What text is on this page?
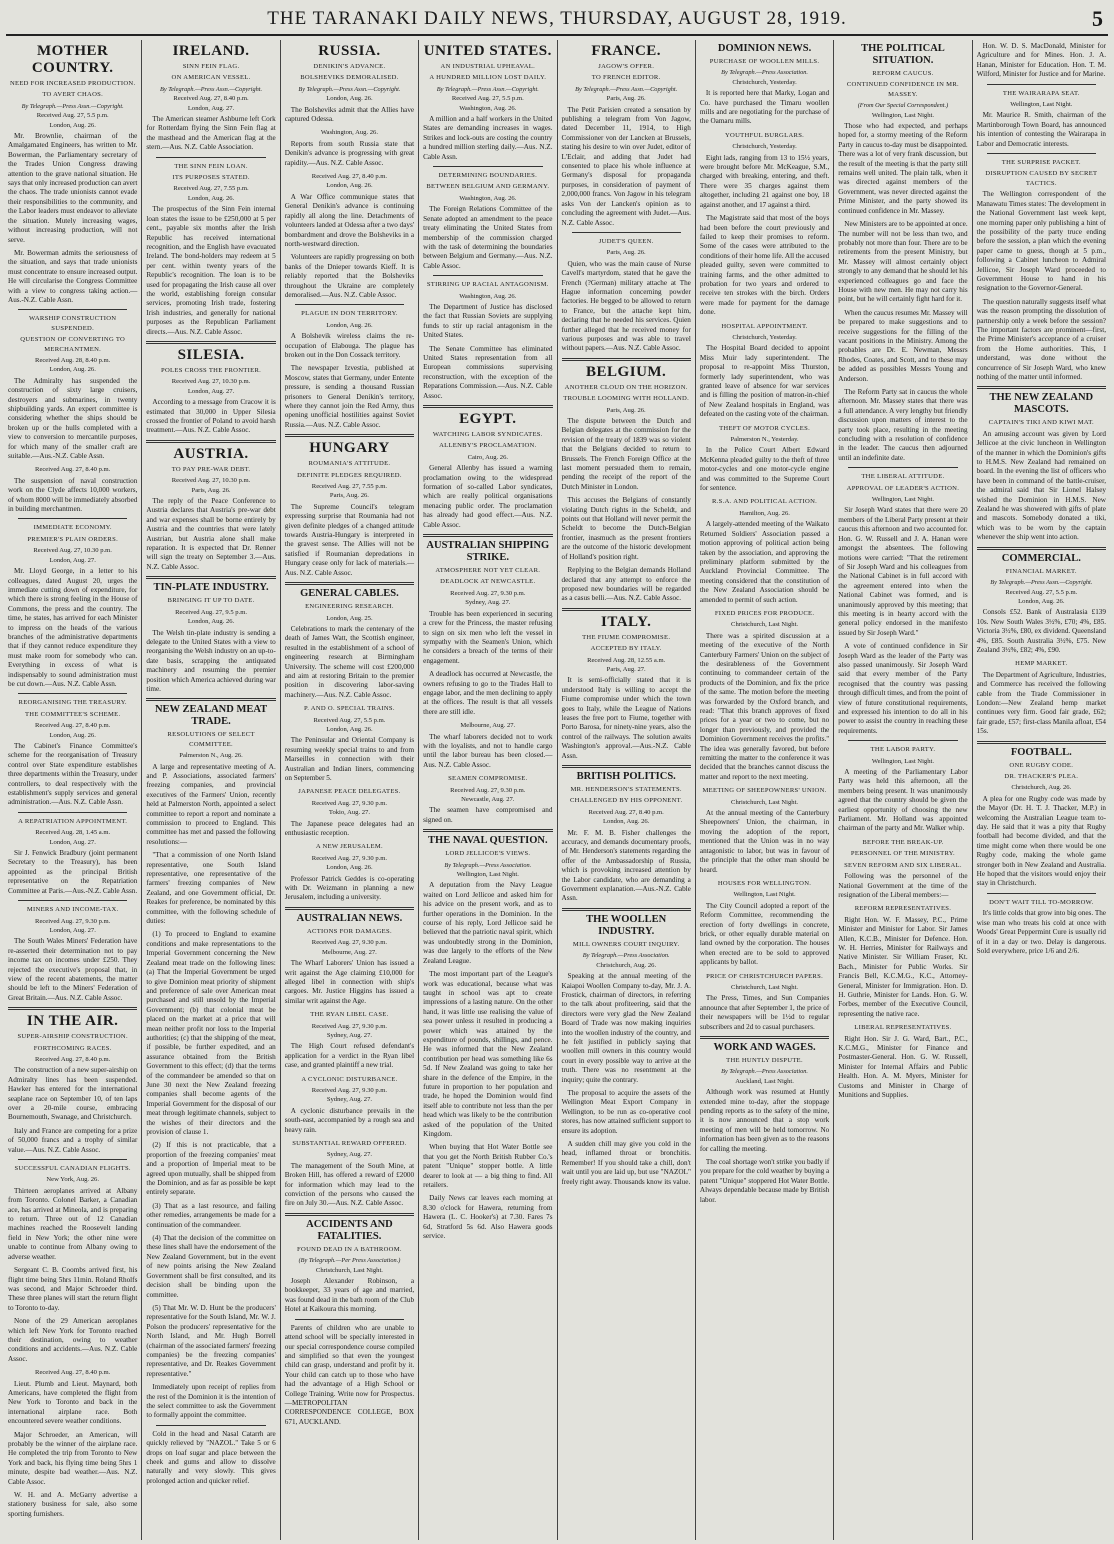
THE TARANAKI DAILY NEWS, THURSDAY, AUGUST 28, 1919.	5
MOTHER COUNTRY.
NEED FOR INCREASED PRODUCTION.
TO AVERT CHAOS.
By Telegraph.—Press Assn.—Copyright.
Received Aug. 27, 5.5 p.m.
London, Aug. 26.
Mr. Brownlie, chairman of the Amalgamated Engineers, has written to Mr. Bowerman, the Parliamentary secretary of the Trades Union Congress drawing attention to the grave national situation. He says that only increased production can avert the chaos. The trade unionists cannot evade their responsibilities to the community, and the Labor leaders must endeavor to alleviate the situation. Mutely increasing wages, without increasing production, will not serve.
Mr. Bowerman admits the seriousness of the situation, and says that trade unionists must concentrate to ensure increased output. He will circularise the Congress Committee with a view to congress taking action.—Aus.-N.Z. Cable Assn.
WARSHIP CONSTRUCTION SUSPENDED.
QUESTION OF CONVERTING TO MERCHANTMEN.
Received Aug. 28, 8.40 p.m.
London, Aug. 26.
The Admiralty has suspended the construction of sixty large cruisers, destroyers and submarines, in twenty shipbuilding yards. An expert committee is considering whether the ships should be broken up or the hulls completed with a view to conversion to mercantile purposes, for which many of the smaller craft are suitable.—Aus.-N.Z. Cable Assn.
Received Aug. 27, 8.40 p.m.
The suspension of naval construction work on the Clyde affects 10,000 workers, of whom 8000 will be immediately absorbed in building merchantmen.
IMMEDIATE ECONOMY.
PREMIER'S PLAIN ORDERS.
Received Aug. 27, 10.30 p.m.
London, Aug. 27.
Mr. Lloyd George, in a letter to his colleagues, dated August 20, urges the immediate cutting down of expenditure, for which there is strong feeling in the House of Commons, the press and the country. The time, he states, has arrived for each Minister to impress on the heads of the various branches of the administrative departments that if they cannot reduce expenditure they must make room for somebody who can. Everything in excess of what is indispensably to sound administration must be cut down.—Aus. N.Z. Cable Assn.
REORGANISING THE TREASURY.
THE COMMITTEE'S SCHEME.
Received Aug. 27, 8.40 p.m.
London, Aug. 26.
The Cabinet's Finance Committee's scheme for the reorganisation of Treasury control over State expenditure establishes three departments within the Treasury, under controllers, to deal respectively with the establishment's supply services and general administration.—Aus. N.Z. Cable Assn.
A REPATRIATION APPOINTMENT.
Received Aug. 28, 1.45 a.m.
London, Aug. 27.
Sir J. Fenwick Bradbury (joint permanent Secretary to the Treasury), has been appointed as the principal British representative on the Repatriation Committee at Paris.—Aus.-N.Z. Cable Assn.
MINERS AND INCOME-TAX.
Received Aug. 27, 9.30 p.m.
London, Aug. 27.
The South Wales Miners' Federation have re-asserted their determination not to pay income tax on incomes under £250. They rejected the executive's proposal that, in view of the recent abatements, the matter should be left to the Miners' Federation of Great Britain.—Aus. N.Z. Cable Assoc.
IN THE AIR.
SUPER-AIRSHIP CONSTRUCTION.
FORTHCOMING RACES.
Received Aug. 27, 8.40 p.m.
The construction of a new super-airship on Admiralty lines has been suspended. Hawker has entered for the international seaplane race on September 10, of ten laps over a 20-mile course, embracing Bournemouth, Swanage, and Christchurch.
Italy and France are competing for a prize of 50,000 francs and a trophy of similar value.—Aus. N.Z. Cable Assoc.
SUCCESSFUL CANADIAN FLIGHTS.
New York, Aug. 26.
Thirteen aeroplanes arrived at Albany from Toronto. Colonel Barker, a Canadian ace, has arrived at Mineola, and is preparing to return. Three out of 12 Canadian machines reached the Roosevelt landing field in New York; the other nine were unable to continue from Albany owing to adverse weather.
Sergeant C. B. Coombs arrived first, his flight time being 5hrs 11min. Roland Rholfs was second, and Major Schroeder third. These three planes will start the return flight to Toronto to-day.
None of the 29 American aeroplanes which left New York for Toronto reached their destination, owing to weather conditions and accidents.—Aus. N.Z. Cable Assoc.
Received Aug. 27, 8.40 p.m.
Lieut. Plumb and Lieut. Maynard, both Americans, have completed the flight from New York to Toronto and back in the international airplane race. Both encountered severe weather conditions.
Major Schroeder, an American, will probably be the winner of the airplane race. He completed the trip from Toronto to New York and back, his flying time being 5hrs 1 minute, despite bad weather.—Aus. N.Z. Cable Assoc.
W. H. and A. McGarry advertise a stationery business for sale, also some sporting furnishers.
IRELAND.
SINN FEIN FLAG.
ON AMERICAN VESSEL.
By Telegraph.—Press Assn.—Copyright.
Received Aug. 27, 8.40 p.m.
London, Aug. 27.
The American steamer Ashburne left Cork for Rotterdam flying the Sinn Fein flag at the masthead and the American flag at the stern.—Aus. N.Z. Cable Association.
THE SINN FEIN LOAN.
ITS PURPOSES STATED.
Received Aug. 27, 7.55 p.m.
London, Aug. 26.
The prospectus of the Sinn Fein internal loan states the issue to be £250,000 at 5 per cent., payable six months after the Irish Republic has received international recognition, and the English have evacuated Ireland. The bond-holders may redeem at 5 per cent. within twenty years of the Republic's recognition. The loan is to be used for propagating the Irish cause all over the world, establishing foreign consular services, promoting Irish trade, fostering Irish industries, and generally for national purposes as the Republican Parliament directs.—Aus. N.Z. Cable Assoc.
SILESIA.
POLES CROSS THE FRONTIER.
Received Aug. 27, 10.30 p.m.
London, Aug. 27.
According to a message from Cracow it is estimated that 30,000 in Upper Silesia crossed the frontier of Poland to avoid harsh treatment.—Aus. N.Z. Cable Assoc.
AUSTRIA.
TO PAY PRE-WAR DEBT.
Received Aug. 27, 10.30 p.m.
Paris, Aug. 26.
The reply of the Peace Conference to Austria declares that Austria's pre-war debt and war expenses shall be borne entirely by Austria and the countries that were lately Austrian, but Austria alone shall make reparation. It is expected that Dr. Renner will sign the treaty on September 3.—Aus. N.Z. Cable Assoc.
TIN-PLATE INDUSTRY.
BRINGING IT UP TO DATE.
Received Aug. 27, 9.5 p.m.
London, Aug. 26.
The Welsh tin-plate industry is sending a delegate to the United States with a view to reorganising the Welsh industry on an up-to-date basis, scrapping the antiquated machinery and resuming the premier position which America achieved during war time.
NEW ZEALAND MEAT TRADE.
RESOLUTIONS OF SELECT COMMITTEE.
Palmerston N., Aug. 26.
A large and representative meeting of A. and P. Associations, associated farmers' freezing companies, and provincial executives of the Farmers' Union, recently held at Palmerston North, appointed a select committee to report a report and nominate a commission to proceed to England. This committee has met and passed the following resolutions:—
"That a commission of one North Island representative, one South Island representative, one representative of the farmers' freezing companies of New Zealand, and one Government official, Dr. Reakes for preference, be nominated by this committee, with the following schedule of duties:
(1) To proceed to England to examine conditions and make representations to the Imperial Government concerning the New Zealand meat trade on the following lines: (a) That the Imperial Government be urged to give Dominion meat priority of shipment and preference of sale over American meat purchased and still unsold by the Imperial Government; (b) that colonial meat be placed on the market at a price that will mean neither profit nor loss to the Imperial authorities; (c) that the shipping of the meat, if possible, be further expedited, and an assurance obtained from the British Government to this effect; (d) that the terms of the commandeer be amended so that on June 30 next the New Zealand freezing companies shall become agents of the Imperial Government for the disposal of our meat through legitimate channels, subject to the wishes of their directors and the provision of clause 1.
(2) If this is not practicable, that a proportion of the freezing companies' meat and a proportion of Imperial meat to be agreed upon mutually, shall be shipped from the Dominion, and as far as possible be kept entirely separate.
(3) That as a last resource, and failing other remedies, arrangements be made for a continuation of the commandeer.
(4) That the decision of the committee on these lines shall have the endorsement of the New Zealand Government, but in the event of new points arising the New Zealand Government shall be first consulted, and its decision shall be binding upon the committee.
(5) That Mr. W. D. Hunt be the producers' representative for the South Island, Mr. W. J. Polson the producers' representative for the North Island, and Mr. Hugh Borrell (chairman of the associated farmers' freezing companies) be the freezing companies' representative, and Dr. Reakes Government representative."
Immediately upon receipt of replies from the rest of the Dominion it is the intention of the select committee to ask the Government to formally appoint the committee.
Cold in the head and Nasal Catarrh are quickly relieved by "NAZOL." Take 5 or 6 drops on loaf sugar and place between the cheek and gums and allow to dissolve naturally and very slowly. This gives prolonged action and quicker relief.
RUSSIA.
DENIKIN'S ADVANCE.
BOLSHEVIKS DEMORALISED.
By Telegraph.—Press Assn.—Copyright.
London, Aug. 26.
The Bolsheviks admit that the Allies have captured Odessa.
Washington, Aug. 26.
Reports from south Russia state that Denikin's advance is progressing with great rapidity.—Aus. N.Z. Cable Assoc.
Received Aug. 27, 8.40 p.m.
London, Aug. 26.
A War Office communique states that General Denikin's advance is continuing rapidly all along the line. Detachments of volunteers landed at Odessa after a two days' bombardment and drove the Bolsheviks in a north-westward direction.
Volunteers are rapidly progressing on both banks of the Dnieper towards Kieff. It is reliably reported that the Bolsheviks throughout the Ukraine are completely demoralised.—Aus. N.Z. Cable Assoc.
PLAGUE IN DON TERRITORY.
London, Aug. 26.
A Bolshevik wireless claims the re-occupation of Elabouga. The plague has broken out in the Don Cossack territory.
The newspaper Izvestia, published at Moscow, states that Germany, under Entente pressure, is sending a thousand Russian prisoners to General Denikin's territory, where they cannot join the Red Army, thus opening unofficial hostilities against Soviet Russia.—Aus. N.Z. Cable Assoc.
HUNGARY
ROUMANIA'S ATTITUDE.
DEFINITE PLEDGES REQUIRED.
Received Aug. 27, 7.55 p.m.
Paris, Aug. 26.
The Supreme Council's telegram expressing surprise that Roumania had not given definite pledges of a changed attitude towards Austria-Hungary is interpreted in the gravest sense. The Allies will not be satisfied if Roumanian depredations in Hungary cease only for lack of materials.—Aus. N.Z. Cable Assoc.
GENERAL CABLES.
ENGINEERING RESEARCH.
London, Aug. 25.
Celebrations to mark the centenary of the death of James Watt, the Scottish engineer, resulted in the establishment of a school of engineering research at Birmingham University. The scheme will cost £200,000 and aim at restoring Britain to the premier position in discovering labor-saving machinery.—Aus. N.Z. Cable Assoc.
P. AND O. SPECIAL TRAINS.
Received Aug. 27, 5.5 p.m.
London, Aug. 26.
The Peninsular and Oriental Company is resuming weekly special trains to and from Marseilles in connection with their Australian and Indian liners, commencing on September 5.
JAPANESE PEACE DELEGATES.
Received Aug. 27, 9.30 p.m.
Tokio, Aug. 27.
The Japanese peace delegates had an enthusiastic reception.
A NEW JERUSALEM.
Received Aug. 27, 9.30 p.m.
London, Aug. 26.
Professor Patrick Geddes is co-operating with Dr. Weizmann in planning a new Jerusalem, including a university.
AUSTRALIAN NEWS.
ACTIONS FOR DAMAGES.
Received Aug. 27, 9.30 p.m.
Melbourne, Aug. 27.
The Wharf Laborers' Union has issued a writ against the Age claiming £10,000 for alleged libel in connection with ship's cargoes. Mr. Justice Higgins has issued a similar writ against the Age.
THE RYAN LIBEL CASE.
Received Aug. 27, 9.30 p.m.
Sydney, Aug. 27.
The High Court refused defendant's application for a verdict in the Ryan libel case, and granted plaintiff a new trial.
A CYCLONIC DISTURBANCE.
Received Aug. 27, 9.30 p.m.
Sydney, Aug. 27.
A cyclonic disturbance prevails in the south-east, accompanied by a rough sea and heavy rain.
SUBSTANTIAL REWARD OFFERED.
Sydney, Aug. 27.
The management of the South Mine, at Broken Hill, has offered a reward of £2000 for information which may lead to the conviction of the persons who caused the fire on July 30.—Aus. N.Z. Cable Assoc.
ACCIDENTS AND FATALITIES.
FOUND DEAD IN A BATHROOM.
(By Telegraph.—Per Press Association.)
Christchurch, Last Night.
Joseph Alexander Robinson, a bookkeeper, 33 years of age and married, was found dead in the bath room of the Club Hotel at Kaikoura this morning.
Parents of children who are unable to attend school will be specially interested in our special correspondence course compiled and simplified so that even the youngest child can grasp, understand and profit by it. Your child can catch up to those who have had the advantage of a High School or College Training. Write now for Prospectus.—METROPOLITAN CORRESPONDENCE COLLEGE, BOX 671, AUCKLAND.
UNITED STATES.
AN INDUSTRIAL UPHEAVAL.
A HUNDRED MILLION LOST DAILY.
By Telegraph.—Press Assn.—Copyright.
Received Aug. 27, 5.5 p.m.
Washington, Aug. 26.
A million and a half workers in the United States are demanding increases in wages. Strikes and lock-outs are costing the country a hundred million sterling daily.—Aus. N.Z. Cable Assn.
DETERMINING BOUNDARIES.
BETWEEN BELGIUM AND GERMANY.
Washington, Aug. 26.
The Foreign Relations Committee of the Senate adopted an amendment to the peace treaty eliminating the United States from membership of the commission charged with the task of determining the boundaries between Belgium and Germany.—Aus. N.Z. Cable Assoc.
STIRRING UP RACIAL ANTAGONISM.
Washington, Aug. 26.
The Department of Justice has disclosed the fact that Russian Soviets are supplying funds to stir up racial antagonism in the United States.
The Senate Committee has eliminated United States representation from all European commissions supervising reconstruction, with the exception of the Reparations Commission.—Aus. N.Z. Cable Assoc.
EGYPT.
WATCHING LABOR SYNDICATES.
ALLENBY'S PROCLAMATION.
Cairo, Aug. 26.
General Allenby has issued a warning proclamation owing to the widespread formation of so-called Labor syndicates, which are really political organisations menacing public order. The proclamation has already had good effect.—Aus. N.Z. Cable Assoc.
AUSTRALIAN SHIPPING STRIKE.
ATMOSPHERE NOT YET CLEAR.
DEADLOCK AT NEWCASTLE.
Received Aug. 27, 9.30 p.m.
Sydney, Aug. 27.
Trouble has been experienced in securing a crew for the Princess, the master refusing to sign on six men who left the vessel in sympathy with the Seamen's Union, which he considers a breach of the terms of their engagement.
A deadlock has occurred at Newcastle, the owners refusing to go to the Trades Hall to engage labor, and the men declining to apply at the offices. The result is that all vessels there are still idle.
Melbourne, Aug. 27.
The wharf laborers decided not to work with the loyalists, and not to handle cargo until the labor bureau has been closed.—Aus. N.Z. Cable Assoc.
SEAMEN COMPROMISE.
Received Aug. 27, 9.30 p.m.
Newcastle, Aug. 27.
The seamen have compromised and signed on.
THE NAVAL QUESTION.
LORD JELLICOE'S VIEWS.
By Telegraph.—Press Association.
Wellington, Last Night.
A deputation from the Navy League waited on Lord Jellicoe and asked him for his advice on the present work, and as to further operations in the Dominion. In the course of his reply, Lord Jellicoe said he believed that the patriotic naval spirit, which was undoubtedly strong in the Dominion, was due largely to the efforts of the New Zealand League.
The most important part of the League's work was educational, because what was taught in school was apt to create impressions of a lasting nature. On the other hand, it was little use realising the value of sea power unless it resulted in producing a power which was attained by the expenditure of pounds, shillings, and pence. He was informed that the New Zealand contribution per head was something like 6s 5d. If New Zealand was going to take her share in the defence of the Empire, in the future in proportion to her population and trade, he hoped the Dominion would find itself able to contribute not less than the per head which was likely to be the contribution asked of the population of the United Kingdom.
When buying that Hot Water Bottle see that you get the North British Rubber Co.'s patent "Unique" stopper bottle. A little dearer to look at — a big thing to find. All retailers.
Daily News car leaves each morning at 8.30 o'clock for Hawera, returning from Hawera (L. C. Hooker's) at 7.30. Fares 7s 6d, Stratford 5s 6d. Also Hawera goods service.
FRANCE.
JAGOW'S OFFER.
TO FRENCH EDITOR.
By Telegraph.—Press Assn.—Copyright.
Paris, Aug. 26.
The Petit Parisien created a sensation by publishing a telegram from Von Jagow, dated December 11, 1914, to High Commissioner von der Lancken at Brussels, stating his desire to win over Judet, editor of L'Eclair, and adding that Judet had consented to place his whole influence at Germany's disposal for propaganda purposes, in consideration of payment of 2,000,000 francs. Von Jagow in his telegram asks Von der Lancken's opinion as to concluding the agreement with Judet.—Aus. N.Z. Cable Assoc.
JUDET'S QUEEN.
Paris, Aug. 26.
Quien, who was the main cause of Nurse Cavell's martyrdom, stated that he gave the French (?German) military attache at The Hague information concerning powder factories. He begged to be allowed to return to France, but the attache kept him, declaring that he needed his services. Quien further alleged that he received money for various purposes and was able to travel without papers.—Aus. N.Z. Cable Assoc.
BELGIUM.
ANOTHER CLOUD ON THE HORIZON.
TROUBLE LOOMING WITH HOLLAND.
Paris, Aug. 26.
The dispute between the Dutch and Belgian delegates at the commission for the revision of the treaty of 1839 was so violent that the Belgians decided to return to Brussels. The French Foreign Office at the last moment persuaded them to remain, pending the receipt of the report of the Dutch Minister in London.
This accuses the Belgians of constantly violating Dutch rights in the Scheldt, and points out that Holland will never permit the Scheldt to become the Dutch-Belgian frontier, inasmuch as the present frontiers are the outcome of the historic development of Holland's position right.
Replying to the Belgian demands Holland declared that any attempt to enforce the proposed new boundaries will be regarded as a casus belli.—Aus. N.Z. Cable Assoc.
ITALY.
THE FIUME COMPROMISE.
ACCEPTED BY ITALY.
Received Aug. 28, 12.55 a.m.
Paris, Aug. 27.
It is semi-officially stated that it is understood Italy is willing to accept the Fiume compromise under which the town goes to Italy, while the League of Nations leases the free port to Fiume, together with Porto Barosa, for ninety-nine years, also the control of the railways. The solution awaits Washington's approval.—Aus.-N.Z. Cable Assn.
BRITISH POLITICS.
MR. HENDERSON'S STATEMENTS.
CHALLENGED BY HIS OPPONENT.
Received Aug. 27, 8.40 p.m.
London, Aug. 26.
Mr. F. M. B. Fisher challenges the accuracy, and demands documentary proofs, of Mr. Henderson's statements regarding the offer of the Ambassadorship of Russia, which is provoking increased attention by the Labor candidate, who are demanding a Government explanation.—Aus.-N.Z. Cable Assn.
THE WOOLLEN INDUSTRY.
MILL OWNERS COURT INQUIRY.
By Telegraph.—Press Association.
Christchurch, Aug. 26.
Speaking at the annual meeting of the Kaiapoi Woollen Company to-day, Mr. J. A. Frostick, chairman of directors, in referring to the talk about profiteering, said that the directors were very glad the New Zealand Board of Trade was now making inquiries into the woollen industry of the country, and he felt justified in publicly saying that woollen mill owners in this country would court in every possible way to arrive at the truth. There was no resentment at the inquiry; quite the contrary.
The proposal to acquire the assets of the Wellington Meat Export Company in Wellington, to be run as co-operative cool stores, has now attained sufficient support to ensure its adoption.
A sudden chill may give you cold in the head, inflamed throat or bronchitis. Remember! If you should take a chill, don't wait until you are laid up, but use "NAZOL" freely right away. Thousands know its value.
DOMINION NEWS.
PURCHASE OF WOOLLEN MILLS.
By Telegraph.—Press Association.
Christchurch, Yesterday.
It is reported here that Marky, Logan and Co. have purchased the Timaru woollen mills and are negotiating for the purchase of the Oamaru mills.
YOUTHFUL BURGLARS.
Christchurch, Yesterday.
Eight lads, ranging from 13 to 15½ years, were brought before Mr. McKeague, S.M., charged with breaking, entering, and theft. There were 35 charges against them altogether, including 21 against one boy, 18 against another, and 17 against a third.
The Magistrate said that most of the boys had been before the court previously and failed to keep their promises to reform. Some of the cases were attributed to the conditions of their home life. All the accused pleaded guilty, seven were committed to training farms, and the other admitted to probation for two years and ordered to receive ten strokes with the birch. Orders were made for payment for the damage done.
HOSPITAL APPOINTMENT.
Christchurch, Yesterday.
The Hospital Board decided to appoint Miss Muir lady superintendent. The proposal to re-appoint Miss Thurston, formerly lady superintendent, who was granted leave of absence for war services and is filling the position of matron-in-chief of New Zealand hospitals in England, was defeated on the casting vote of the chairman.
THEFT OF MOTOR CYCLES.
Palmerston N., Yesterday.
In the Police Court Albert Edward McKenna pleaded guilty to the theft of three motor-cycles and one motor-cycle engine and was committed to the Supreme Court for sentence.
R.S.A. AND POLITICAL ACTION.
Hamilton, Aug. 26.
A largely-attended meeting of the Waikato Returned Soldiers' Association passed a motion approving of political action being taken by the association, and approving the preliminary platform submitted by the Auckland Provincial Committee. The meeting considered that the constitution of the New Zealand Association should be amended to permit of such action.
FIXED PRICES FOR PRODUCE.
Christchurch, Last Night.
There was a spirited discussion at a meeting of the executive of the North Canterbury Farmers' Union on the subject of the desirableness of the Government continuing to commandeer certain of the products of the Dominion, and fix the price of the same. The motion before the meeting was forwarded by the Oxford branch, and read: "That this branch approves of fixed prices for a year or two to come, but no longer than previously, and provided the Dominion Government receives the profits." The idea was generally favored, but before remitting the matter to the conference it was decided that the branches cannot discuss the matter and report to the next meeting.
MEETING OF SHEEPOWNERS' UNION.
Christchurch, Last Night.
At the annual meeting of the Canterbury Sheepowners' Union, the chairman, in moving the adoption of the report, mentioned that the Union was in no way antagonistic to labor, but was in favour of the principle that the other man should be heard.
HOUSES FOR WELLINGTON.
Wellington, Last Night.
The City Council adopted a report of the Reform Committee, recommending the erection of forty dwellings in concrete, brick, or other equally durable material on land owned by the corporation. The houses when erected are to be sold to approved applicants by ballot.
PRICE OF CHRISTCHURCH PAPERS.
Christchurch, Last Night.
The Press, Times, and Sun Companies announce that after September 1, the price of their newspapers will be 1½d to regular subscribers and 2d to casual purchasers.
WORK AND WAGES.
THE HUNTLY DISPUTE.
By Telegraph.—Press Association.
Auckland, Last Night.
Although work was resumed at Huntly extended mine to-day, after the stoppage pending reports as to the safety of the mine, it is now announced that a stop work meeting of men will be held tomorrow. No information has been given as to the reasons for calling the meeting.
The coal shortage won't strike you badly if you prepare for the cold weather by buying a patent "Unique" stoppered Hot Water Bottle. Always dependable because made by British labor.
THE POLITICAL SITUATION.
REFORM CAUCUS.
CONTINUED CONFIDENCE IN MR. MASSEY.
(From Our Special Correspondent.)
Wellington, Last Night.
Those who had expected, and perhaps hoped for, a stormy meeting of the Reform Party in caucus to-day must be disappointed. There was a lot of very frank discussion, but the result of the meeting is that the party still remains well united. The plain talk, when it was directed against members of the Government, was never directed against the Prime Minister, and the party showed its continued confidence in Mr. Massey.
New Ministers are to be appointed at once. The number will not be less than two, and probably not more than four. There are to be retirements from the present Ministry, but Mr. Massey will almost certainly object strongly to any demand that he should let his experienced colleagues go and face the House with new men. He may not carry his point, but he will certainly fight hard for it.
When the caucus resumes Mr. Massey will be prepared to make suggestions and to receive suggestions for the filling of the vacant positions in the Ministry. Among the probables are Dr. E. Newman, Messrs Rhodes, Coates, and Scott, and to these may be added as possibles Messrs Young and Anderson.
The Reform Party sat in caucus the whole afternoon. Mr. Massey states that there was a full attendance. A very lengthy but friendly discussion upon matters of interest to the party took place, resulting in the meeting concluding with a resolution of confidence in the leader. The caucus then adjourned until an indefinite date.
THE LIBERAL ATTITUDE.
APPROVAL OF LEADER'S ACTION.
Wellington, Last Night.
Sir Joseph Ward states that there were 20 members of the Liberal Party present at their caucus this afternoon and two accounted for. Hon. G. W. Russell and J. A. Hanan were amongst the absentees. The following motions were carried: "That the retirement of Sir Joseph Ward and his colleagues from the National Cabinet is in full accord with the agreement entered into when the National Cabinet was formed, and is unanimously approved by this meeting; that this meeting is in hearty accord with the general policy endorsed in the manifesto issued by Sir Joseph Ward."
A vote of continued confidence in Sir Joseph Ward as the leader of the Party was also passed unanimously. Sir Joseph Ward said that every member of the Party recognised that the country was passing through difficult times, and from the point of view of future constitutional requirements, and expressed his intention to do all in his power to assist the country in reaching these requirements.
THE LABOR PARTY.
Wellington, Last Night.
A meeting of the Parliamentary Labor Party was held this afternoon, all the members being present. It was unanimously agreed that the country should be given the earliest opportunity of choosing the new Parliament. Mr. Holland was appointed chairman of the party and Mr. Walker whip.
BEFORE THE BREAK-UP.
PERSONNEL OF THE MINISTRY.
SEVEN REFORM AND SIX LIBERAL.
Following was the personnel of the National Government at the time of the resignation of the Liberal members:—
REFORM REPRESENTATIVES.
Right Hon. W. F. Massey, P.C., Prime Minister and Minister for Labor. Sir James Allen, K.C.B., Minister for Defence. Hon. W. H. Herries, Minister for Railways and Native Minister. Sir William Fraser, Kt. Bach., Minister for Public Works. Sir Francis Bell, K.C.M.G., K.C., Attorney-General, Minister for Immigration. Hon. D. H. Guthrie, Minister for Lands. Hon. G. W. Forbes, member of the Executive Council, representing the native race.
LIBERAL REPRESENTATIVES.
Right Hon. Sir J. G. Ward, Bart., P.C., K.C.M.G., Minister for Finance and Postmaster-General. Hon. G. W. Russell, Minister for Internal Affairs and Public Health. Hon. A. M. Myers, Minister for Customs and Minister in Charge of Munitions and Supplies.
Hon. W. D. S. MacDonald, Minister for Agriculture and for Mines. Hon. J. A. Hanan, Minister for Education. Hon. T. M. Wilford, Minister for Justice and for Marine.
THE WAIRARAPA SEAT.
Wellington, Last Night.
Mr. Maurice R. Smith, chairman of the Martinborough Town Board, has announced his intention of contesting the Wairarapa in Labor and Democratic interests.
THE SURPRISE PACKET.
DISRUPTION CAUSED BY SECRET TACTICS.
The Wellington correspondent of the Manawatu Times states: The development in the National Government last week kept, one morning paper only publishing a hint of the possibility of the party truce ending before the session, a plan which the evening paper came to guess, though at 5 p.m., following a Cabinet luncheon to Admiral Jellicoe, Sir Joseph Ward proceeded to Government House to hand in his resignation to the Governor-General.
The question naturally suggests itself what was the reason prompting the dissolution of partnership only a week before the session? The important factors are prominent—first, the Prime Minister's acceptance of a cruiser from the Home authorities. This, I understand, was done without the concurrence of Sir Joseph Ward, who knew nothing of the matter until informed.
THE NEW ZEALAND MASCOTS.
CAPTAIN'S TIKI AND KIWI MAT.
An amusing account was given by Lord Jellicoe at the civic luncheon in Wellington of the manner in which the Dominion's gifts to H.M.S. New Zealand had remained on board. In the evening the list of officers who have been in command of the battle-cruiser, the admiral said that Sir Lionel Halsey wished the Dominion in H.M.S. New Zealand he was showered with gifts of plate and mascots. Somebody donated a tiki, which was to be worn by the captain whenever the ship went into action.
COMMERCIAL.
FINANCIAL MARKET.
By Telegraph.—Press Assn.—Copyright.
Received Aug. 27, 5.5 p.m.
London, Aug. 26.
Consols £52. Bank of Australasia £139 10s. New South Wales 3½%, £70; 4%, £85. Victoria 3½%, £80, ex dividend. Queensland 4%, £85. South Australia 3½%, £75. New Zealand 3½%, £82; 4%, £90.
HEMP MARKET.
The Department of Agriculture, Industries, and Commerce has received the following cable from the Trade Commissioner in London:—New Zealand hemp market continues very firm. Good fair grade, £62; fair grade, £57; first-class Manila afloat, £54 15s.
FOOTBALL.
ONE RUGBY CODE.
DR. THACKER'S PLEA.
Christchurch, Aug. 26.
A plea for one Rugby code was made by the Mayor (Dr. H. T. J. Thacker, M.P.) in welcoming the Australian League team to-day. He said that it was a pity that Rugby football had become divided, and that the time might come when there would be one Rugby code, making the whole game stronger both in New Zealand and Australia. He hoped that the visitors would enjoy their stay in Christchurch.
DON'T WAIT TILL TO-MORROW.
It's little colds that grow into big ones. The wise man who treats his cold at once with Woods' Great Peppermint Cure is usually rid of it in a day or two. Delay is dangerous. Sold everywhere, price 1/6 and 2/6.
